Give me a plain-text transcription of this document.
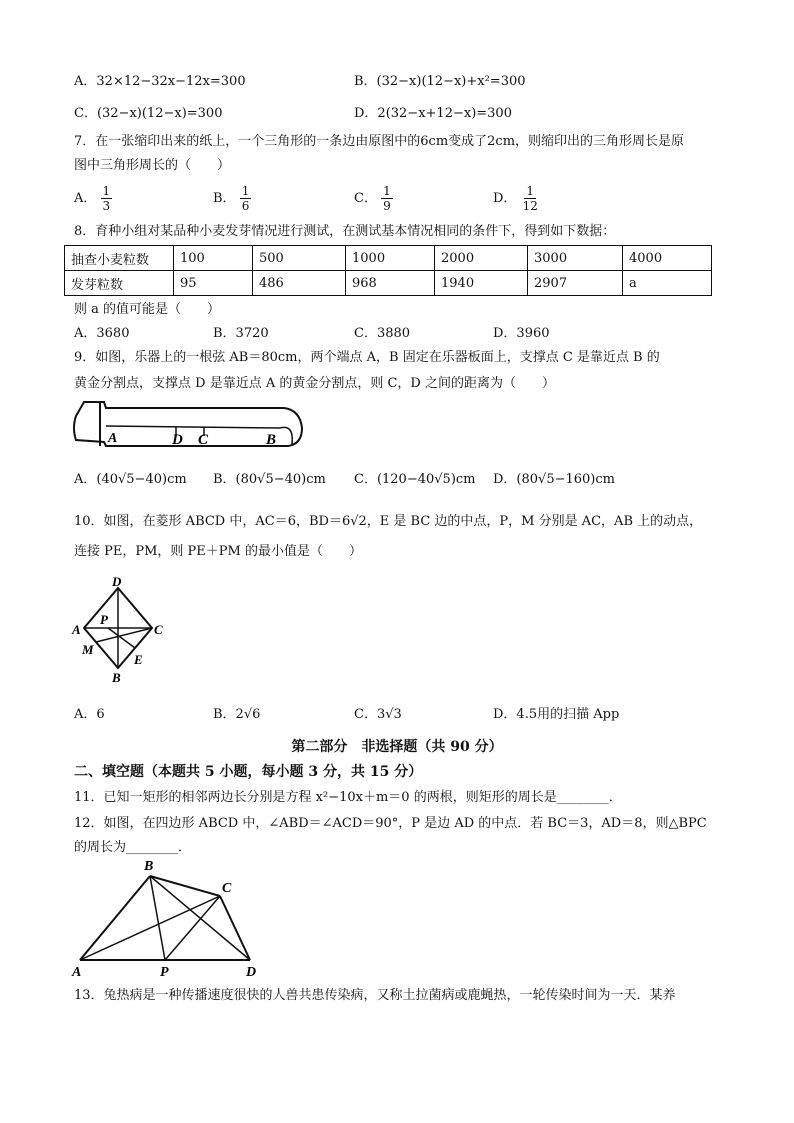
A．32×12−32x−12x=300	B．(32−x)(12−x)+x²=300
C．(32−x)(12−x)=300	D．2(32−x+12−x)=300
7．在一张缩印出来的纸上，一个三角形的一条边由原图中的6cm变成了2cm，则缩印出的三角形周长是原
图中三角形周长的（　　）
A． $\frac{1}{3}$	B． $\frac{1}{6}$	C． $\frac{1}{9}$	D． $\frac{1}{12}$
8．育种小组对某品种小麦发芽情况进行测试，在测试基本情况相同的条件下，得到如下数据：
抽查小麦粒数	100	500	1000	2000	3000	4000
发芽粒数	95	486	968	1940	2907	a
则 a 的值可能是（　　）
A．3680	B．3720	C．3880	D．3960
9．如图，乐器上的一根弦 AB＝80cm，两个端点 A，B 固定在乐器板面上，支撑点 C 是靠近点 B 的
黄金分割点，支撑点 D 是靠近点 A 的黄金分割点，则 C，D 之间的距离为（　　）
A	D C	B
A．(40√5−40)cm B．(80√5−40)cm C．(120−40√5)cm D．(80√5−160)cm
10．如图，在菱形 ABCD 中，AC＝6，BD＝6√2，E 是 BC 边的中点，P，M 分别是 AC，AB 上的动点，
连接 PE，PM，则 PE＋PM 的最小值是（　　）
D
A
P
C
M
E
B
A．6	B．2√6	C．3√3	D．4.5用的扫描 App
第二部分　非选择题（共 90 分）
二、填空题（本题共 5 小题，每小题 3 分，共 15 分）
11．已知一矩形的相邻两边长分别是方程 x²−10x＋m＝0 的两根，则矩形的周长是________．
12．如图，在四边形 ABCD 中，∠ABD＝∠ACD＝90°，P 是边 AD 的中点．若 BC＝3，AD＝8，则△BPC
的周长为________．
B
C
A	P	D
13．兔热病是一种传播速度很快的人兽共患传染病，又称土拉菌病或鹿蝇热，一轮传染时间为一天．某养
